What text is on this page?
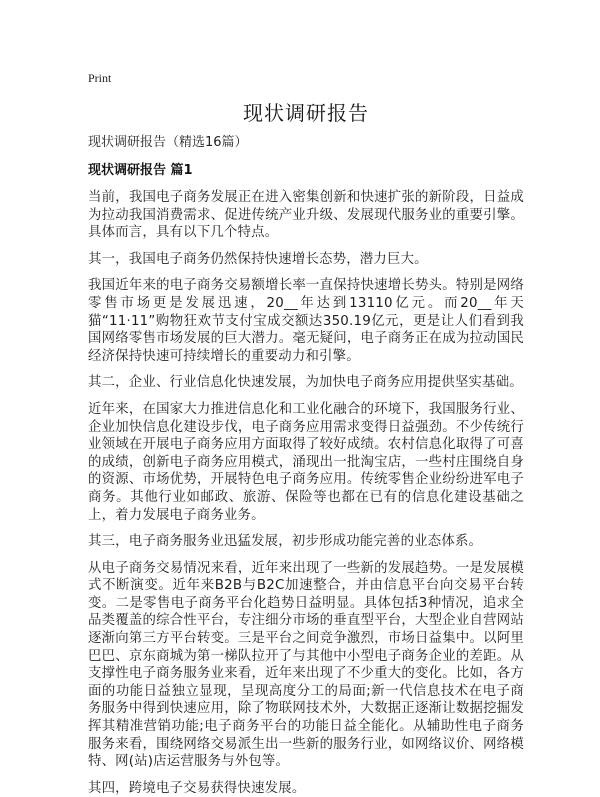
Print
现状调研报告
现状调研报告（精选16篇）
现状调研报告 篇1

当前，我国电子商务发展正在进入密集创新和快速扩张的新阶段，日益成为拉动我国消费需求、促进传统产业升级、发展现代服务业的重要引擎。具体而言，具有以下几个特点。

其一，我国电子商务仍然保持快速增长态势，潜力巨大。

我国近年来的电子商务交易额增长率一直保持快速增长势头。特别是网络零售市场更是发展迅速，20__年达到13110亿元。而20__年天猫“11·11”购物狂欢节支付宝成交额达350.19亿元，更是让人们看到我国网络零售市场发展的巨大潜力。毫无疑问，电子商务正在成为拉动国民经济保持快速可持续增长的重要动力和引擎。

其二，企业、行业信息化快速发展，为加快电子商务应用提供坚实基础。

近年来，在国家大力推进信息化和工业化融合的环境下，我国服务行业、企业加快信息化建设步伐，电子商务应用需求变得日益强劲。不少传统行业领域在开展电子商务应用方面取得了较好成绩。农村信息化取得了可喜的成绩，创新电子商务应用模式，涌现出一批淘宝店，一些村庄围绕自身的资源、市场优势，开展特色电子商务应用。传统零售企业纷纷进军电子商务。其他行业如邮政、旅游、保险等也都在已有的信息化建设基础之上，着力发展电子商务业务。

其三，电子商务服务业迅猛发展，初步形成功能完善的业态体系。

从电子商务交易情况来看，近年来出现了一些新的发展趋势。一是发展模式不断演变。近年来B2B与B2C加速整合，并由信息平台向交易平台转变。二是零售电子商务平台化趋势日益明显。具体包括3种情况，追求全品类覆盖的综合性平台，专注细分市场的垂直型平台，大型企业自营网站逐渐向第三方平台转变。三是平台之间竞争激烈，市场日益集中。以阿里巴巴、京东商城为第一梯队拉开了与其他中小型电子商务企业的差距。从支撑性电子商务服务业来看，近年来出现了不少重大的变化。比如，各方面的功能日益独立显现，呈现高度分工的局面;新一代信息技术在电子商务服务中得到快速应用，除了物联网技术外，大数据正逐渐让数据挖掘发挥其精准营销功能;电子商务平台的功能日益全能化。从辅助性电子商务服务来看，围绕网络交易派生出一些新的服务行业，如网络议价、网络模特、网(站)店运营服务与外包等。

其四，跨境电子交易获得快速发展。
